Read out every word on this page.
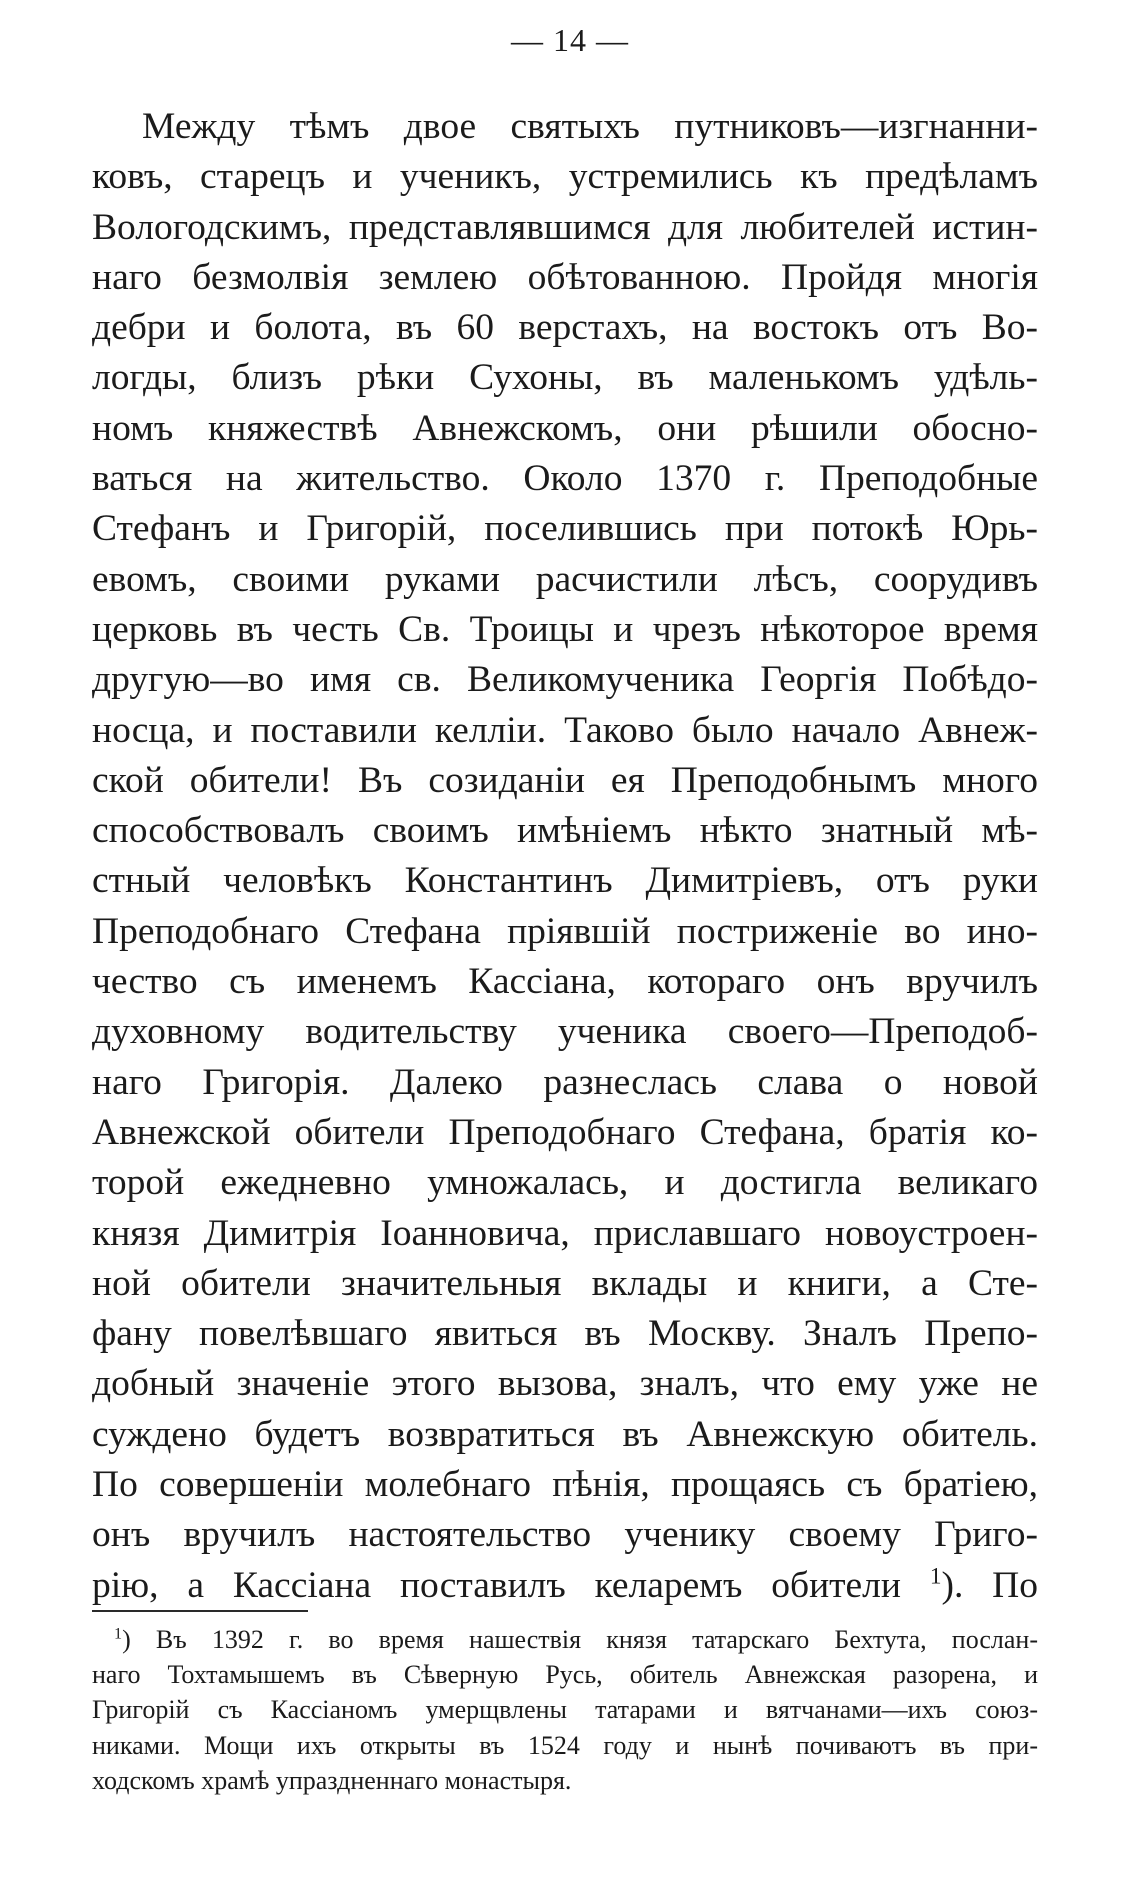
— 14 —
Между тѣмъ двое святыхъ путниковъ—изгнанни-
ковъ, старецъ и ученикъ, устремились къ предѣламъ
Вологодскимъ, представлявшимся для любителей истин-
наго безмолвія землею обѣтованною. Пройдя многія
дебри и болота, въ 60 верстахъ, на востокъ отъ Во-
логды, близъ рѣки Сухоны, въ маленькомъ удѣль-
номъ княжествѣ Авнежскомъ, они рѣшили обосно-
ваться на жительство. Около 1370 г. Преподобные
Стефанъ и Григорій, поселившись при потокѣ Юрь-
евомъ, своими руками расчистили лѣсъ, соорудивъ
церковь въ честь Св. Троицы и чрезъ нѣкоторое время
другую—во имя св. Великомученика Георгія Побѣдо-
носца, и поставили келліи. Таково было начало Авнеж-
ской обители! Въ созиданіи ея Преподобнымъ много
способствовалъ своимъ имѣніемъ нѣкто знатный мѣ-
стный человѣкъ Константинъ Димитріевъ, отъ руки
Преподобнаго Стефана пріявшій постриженіе во ино-
чество съ именемъ Кассіана, котораго онъ вручилъ
духовному водительству ученика своего—Преподоб-
наго Григорія. Далеко разнеслась слава о новой
Авнежской обители Преподобнаго Стефана, братія ко-
торой ежедневно умножалась, и достигла великаго
князя Димитрія Іоанновича, приславшаго новоустроен-
ной обители значительныя вклады и книги, а Сте-
фану повелѣвшаго явиться въ Москву. Зналъ Препо-
добный значеніе этого вызова, зналъ, что ему уже не
суждено будетъ возвратиться въ Авнежскую обитель.
По совершеніи молебнаго пѣнія, прощаясь съ братіею,
онъ вручилъ настоятельство ученику своему Григо-
рію, а Кассіана поставилъ келаремъ обители $^1$). По
$^1$) Въ 1392 г. во время нашествія князя татарскаго Бехтута, послан-
наго Тохтамышемъ въ Сѣверную Русь, обитель Авнежская разорена, и
Григорій съ Кассіаномъ умерщвлены татарами и вятчанами—ихъ союз-
никами. Мощи ихъ открыты въ 1524 году и нынѣ почиваютъ въ при-
ходскомъ храмѣ упраздненнаго монастыря.
